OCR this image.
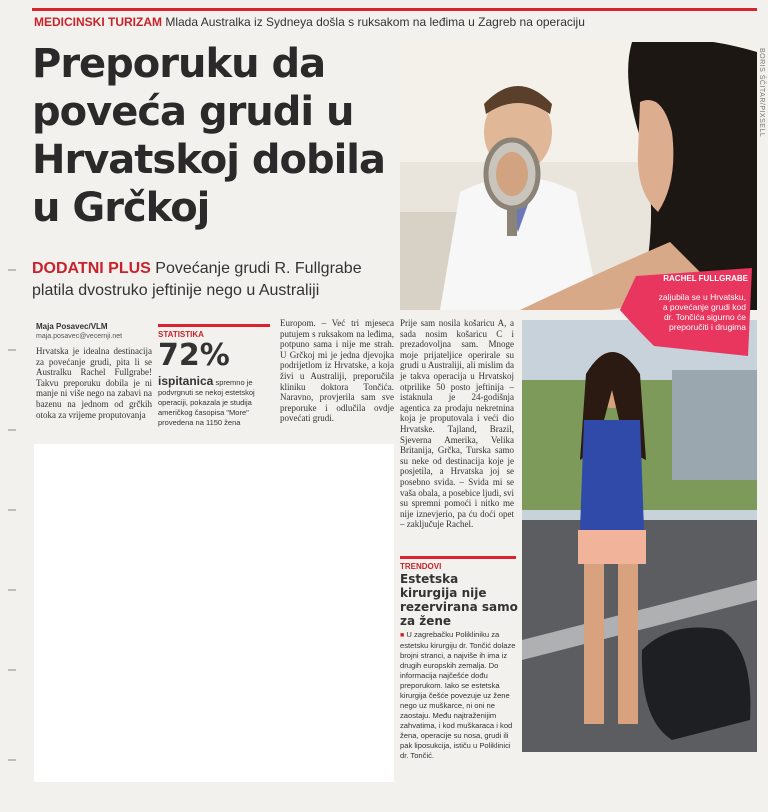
MEDICINSKI TURIZAM Mlada Australka iz Sydneya došla s ruksakom na leđima u Zagreb na operaciju
Preporuku da poveća grudi u Hrvatskoj dobila u Grčkoj
DODATNI PLUS Povećanje grudi R. Fullgrabe platila dvostruko jeftinije nego u Australiji
BORIS ŠČITAR/PIXSELL
RACHEL FULLGRABE
zaljubila se u Hrvatsku, a povećanje grudi kod dr. Tončića sigurno će preporučiti i drugima
Maja Posavec/VLM
maja.posavec@vecernji.net
Hrvatska je idealna destinacija za povećanje grudi, pita li se Australku Rachel Fullgrabe! Takvu preporuku dobila je ni manje ni više nego na zabavi na bazenu na jednom od grčkih otoka za vrijeme proputovanja
STATISTIKA
72%
ispitanica spremno je podvrgnuti se nekoj estetskoj operaciji, pokazala je studija američkog časopisa "More" provedena na 1150 žena
Europom. – Već tri mjeseca putujem s ruksakom na leđima, potpuno sama i nije me strah. U Grčkoj mi je jedna djevojka podrijetlom iz Hrvatske, a koja živi u Australiji, preporučila kliniku doktora Tončića. Naravno, provjerila sam sve preporuke i odlučila ovdje povećati grudi.
Prije sam nosila košaricu A, a sada nosim košaricu C i prezadovoljna sam. Mnoge moje prijateljice operirale su grudi u Australiji, ali mislim da je takva operacija u Hrvatskoj otprilike 50 posto jeftinija – istaknula je 24-godišnja agentica za prodaju nekretnina koja je proputovala i veći dio Hrvatske. Tajland, Brazil, Sjeverna Amerika, Velika Britanija, Grčka, Turska samo su neke od destinacija koje je posjetila, a Hrvatska joj se posebno svida. – Svida mi se vaša obala, a posebice ljudi, svi su spremni pomoći i nitko me nije iznevjerio, pa ću doći opet – zaključuje Rachel.
TRENDOVI
Estetska kirurgija nije rezervirana samo za žene
■ U zagrebačku Polikliniku za estetsku kirurgiju dr. Tončić dolaze brojni stranci, a najviše ih ima iz drugih europskih zemalja. Do informacija najčešće dođu preporukom. Iako se estetska kirurgija češće povezuje uz žene nego uz muškarce, ni oni ne zaostaju. Među najtraženijim zahvatima, i kod muškaraca i kod žena, operacije su nosa, grudi ili pak liposukcija, ističu u Poliklinici dr. Tončić.
